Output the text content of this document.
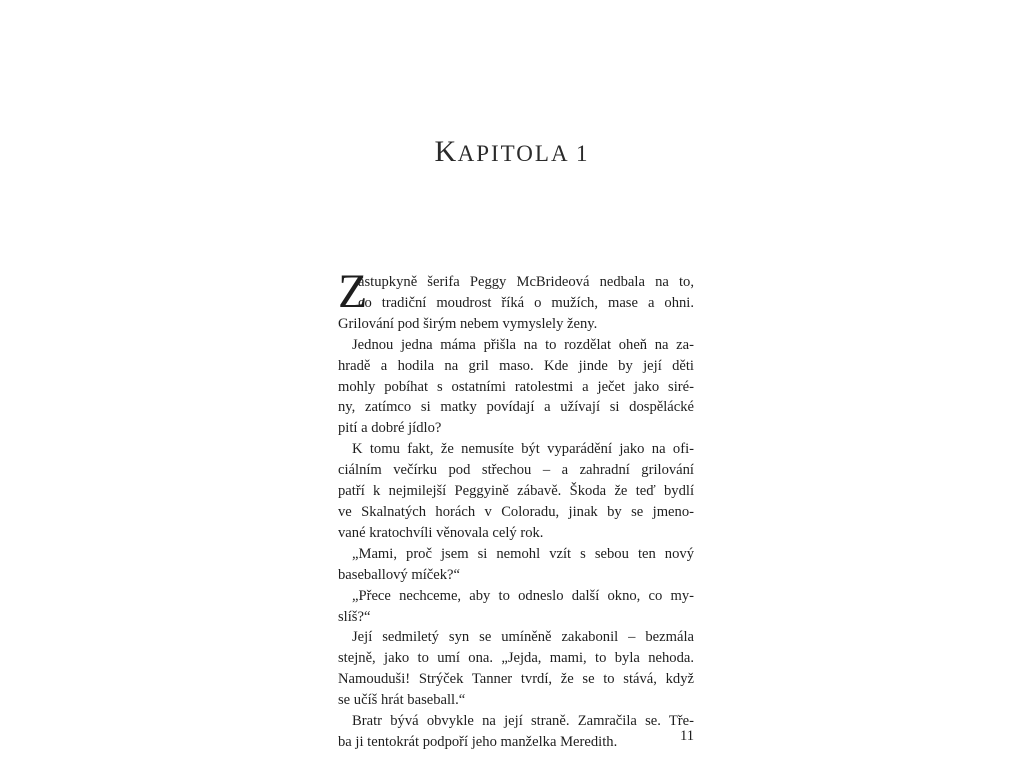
KAPITOLA 1
Z
ástupkyně šerifa Peggy McBrideová nedbala na to,
co tradiční moudrost říká o mužích, mase a ohni.
Grilování pod širým nebem vymyslely ženy.
Jednou jedna máma přišla na to rozdělat oheň na za-
hradě a hodila na gril maso. Kde jinde by její děti
mohly pobíhat s ostatními ratolestmi a ječet jako siré-
ny, zatímco si matky povídají a užívají si dospělácké
pití a dobré jídlo?
K tomu fakt, že nemusíte být vyparádění jako na ofi-
ciálním večírku pod střechou – a zahradní grilování
patří k nejmilejší Peggyině zábavě. Škoda že teď bydlí
ve Skalnatých horách v Coloradu, jinak by se jmeno-
vané kratochvíli věnovala celý rok.
„Mami, proč jsem si nemohl vzít s sebou ten nový
baseballový míček?“
„Přece nechceme, aby to odneslo další okno, co my-
slíš?“
Její sedmiletý syn se umíněně zakabonil – bezmála
stejně, jako to umí ona. „Jejda, mami, to byla nehoda.
Namouduši! Strýček Tanner tvrdí, že se to stává, když
se učíš hrát baseball.“
Bratr bývá obvykle na její straně. Zamračila se. Tře-
ba ji tentokrát podpoří jeho manželka Meredith.	11
